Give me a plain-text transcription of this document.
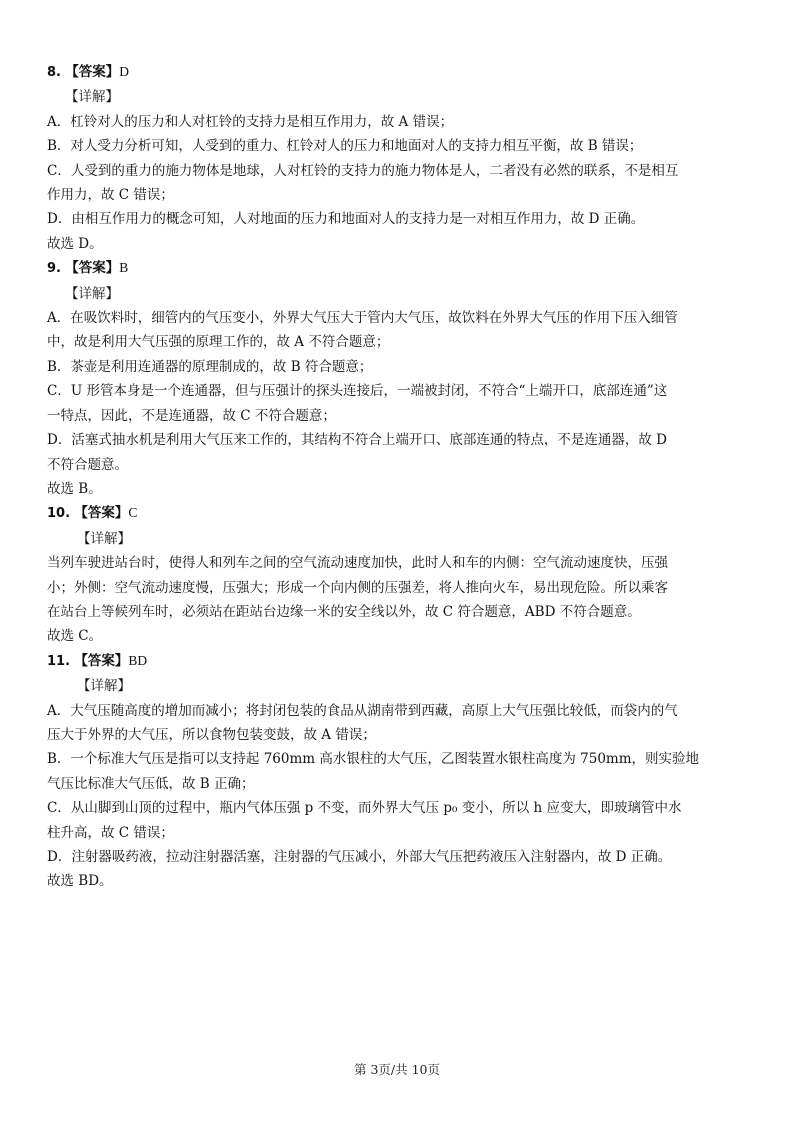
8. 【答案】D
【详解】
A．杠铃对人的压力和人对杠铃的支持力是相互作用力，故 A 错误；
B．对人受力分析可知，人受到的重力、杠铃对人的压力和地面对人的支持力相互平衡，故 B 错误；
C．人受到的重力的施力物体是地球，人对杠铃的支持力的施力物体是人，二者没有必然的联系，不是相互
作用力，故 C 错误；
D．由相互作用力的概念可知，人对地面的压力和地面对人的支持力是一对相互作用力，故 D 正确。
故选 D。
9. 【答案】B
【详解】
A．在吸饮料时，细管内的气压变小，外界大气压大于管内大气压，故饮料在外界大气压的作用下压入细管
中，故是利用大气压强的原理工作的，故 A 不符合题意；
B．茶壶是利用连通器的原理制成的，故 B 符合题意；
C．U 形管本身是一个连通器，但与压强计的探头连接后，一端被封闭，不符合“上端开口，底部连通”这
一特点，因此，不是连通器，故 C 不符合题意；
D．活塞式抽水机是利用大气压来工作的，其结构不符合上端开口、底部连通的特点，不是连通器，故 D
不符合题意。
故选 B。
10. 【答案】C
【详解】
当列车驶进站台时，使得人和列车之间的空气流动速度加快，此时人和车的内侧：空气流动速度快，压强
小；外侧：空气流动速度慢，压强大；形成一个向内侧的压强差，将人推向火车，易出现危险。所以乘客
在站台上等候列车时，必须站在距站台边缘一米的安全线以外，故 C 符合题意，ABD 不符合题意。
故选 C。
11. 【答案】BD
【详解】
A．大气压随高度的增加而减小；将封闭包装的食品从湖南带到西藏，高原上大气压强比较低，而袋内的气
压大于外界的大气压，所以食物包装变鼓，故 A 错误；
B．一个标准大气压是指可以支持起 760mm 高水银柱的大气压，乙图装置水银柱高度为 750mm，则实验地
气压比标准大气压低，故 B 正确；
C．从山脚到山顶的过程中，瓶内气体压强 p 不变，而外界大气压 p₀ 变小，所以 h 应变大，即玻璃管中水
柱升高，故 C 错误；
D．注射器吸药液，拉动注射器活塞，注射器的气压减小，外部大气压把药液压入注射器内，故 D 正确。
故选 BD。
第 3页/共 10页
